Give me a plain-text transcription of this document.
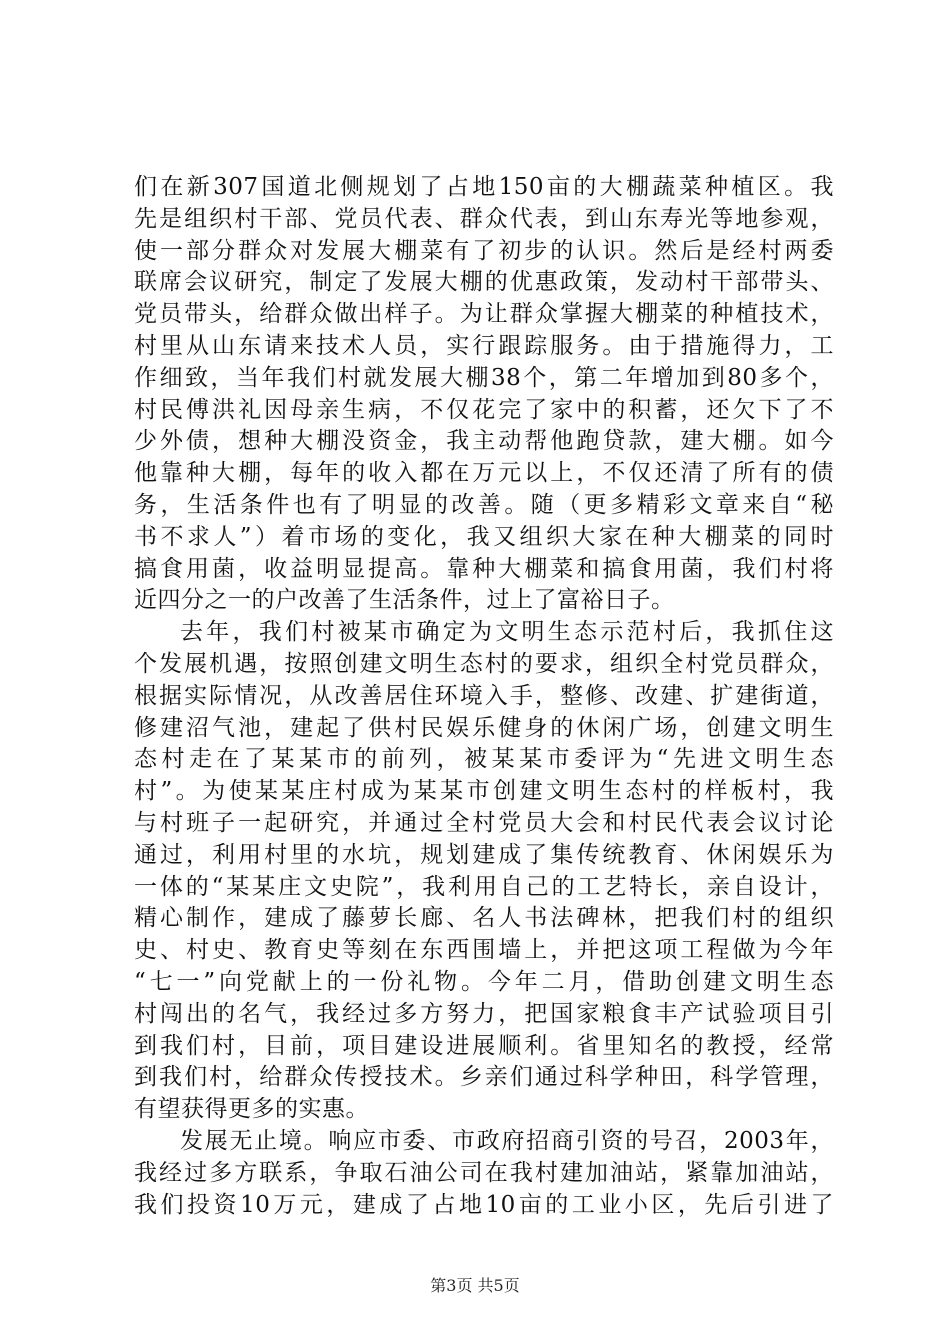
们在新307国道北侧规划了占地150亩的大棚蔬菜种植区。我
先是组织村干部、党员代表、群众代表，到山东寿光等地参观，
使一部分群众对发展大棚菜有了初步的认识。然后是经村两委
联席会议研究，制定了发展大棚的优惠政策，发动村干部带头、
党员带头，给群众做出样子。为让群众掌握大棚菜的种植技术，
村里从山东请来技术人员，实行跟踪服务。由于措施得力，工
作细致，当年我们村就发展大棚38个，第二年增加到80多个，
村民傅洪礼因母亲生病，不仅花完了家中的积蓄，还欠下了不
少外债，想种大棚没资金，我主动帮他跑贷款，建大棚。如今
他靠种大棚，每年的收入都在万元以上，不仅还清了所有的债
务，生活条件也有了明显的改善。随（更多精彩文章来自“秘
书不求人”）着市场的变化，我又组织大家在种大棚菜的同时
搞食用菌，收益明显提高。靠种大棚菜和搞食用菌，我们村将
近四分之一的户改善了生活条件，过上了富裕日子。
去年，我们村被某市确定为文明生态示范村后，我抓住这
个发展机遇，按照创建文明生态村的要求，组织全村党员群众，
根据实际情况，从改善居住环境入手，整修、改建、扩建街道，
修建沼气池，建起了供村民娱乐健身的休闲广场，创建文明生
态村走在了某某市的前列，被某某市委评为“先进文明生态
村”。为使某某庄村成为某某市创建文明生态村的样板村，我
与村班子一起研究，并通过全村党员大会和村民代表会议讨论
通过，利用村里的水坑，规划建成了集传统教育、休闲娱乐为
一体的“某某庄文史院”，我利用自己的工艺特长，亲自设计，
精心制作，建成了藤萝长廊、名人书法碑林，把我们村的组织
史、村史、教育史等刻在东西围墙上，并把这项工程做为今年
“七一”向党献上的一份礼物。今年二月，借助创建文明生态
村闯出的名气，我经过多方努力，把国家粮食丰产试验项目引
到我们村，目前，项目建设进展顺利。省里知名的教授，经常
到我们村，给群众传授技术。乡亲们通过科学种田，科学管理，
有望获得更多的实惠。
发展无止境。响应市委、市政府招商引资的号召，2003年，
我经过多方联系，争取石油公司在我村建加油站，紧靠加油站，
我们投资10万元，建成了占地10亩的工业小区，先后引进了
第3页 共5页
